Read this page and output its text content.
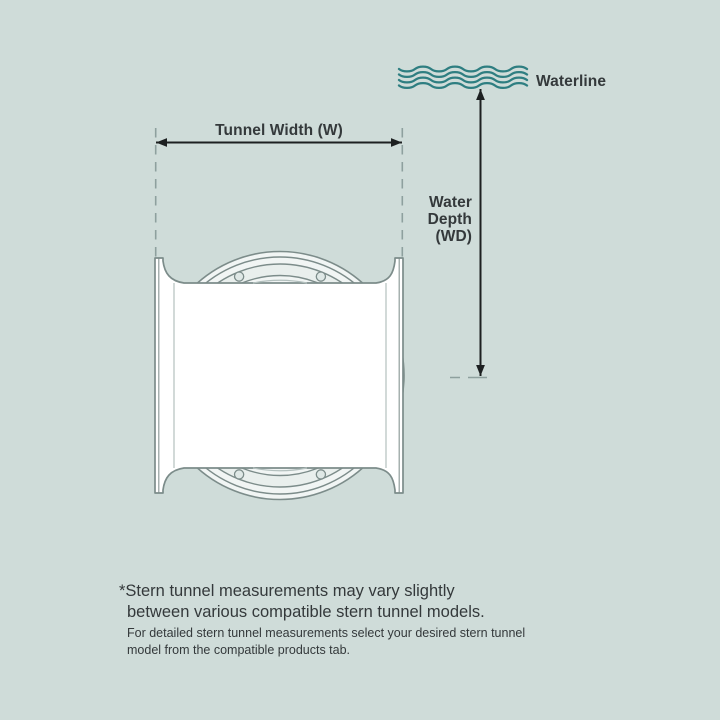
Waterline
Tunnel Width (W)
Water
Depth
(WD)
*Stern tunnel measurements may vary slightly
between various compatible stern tunnel models.
For detailed stern tunnel measurements select your desired stern tunnel
model from the compatible products tab.
